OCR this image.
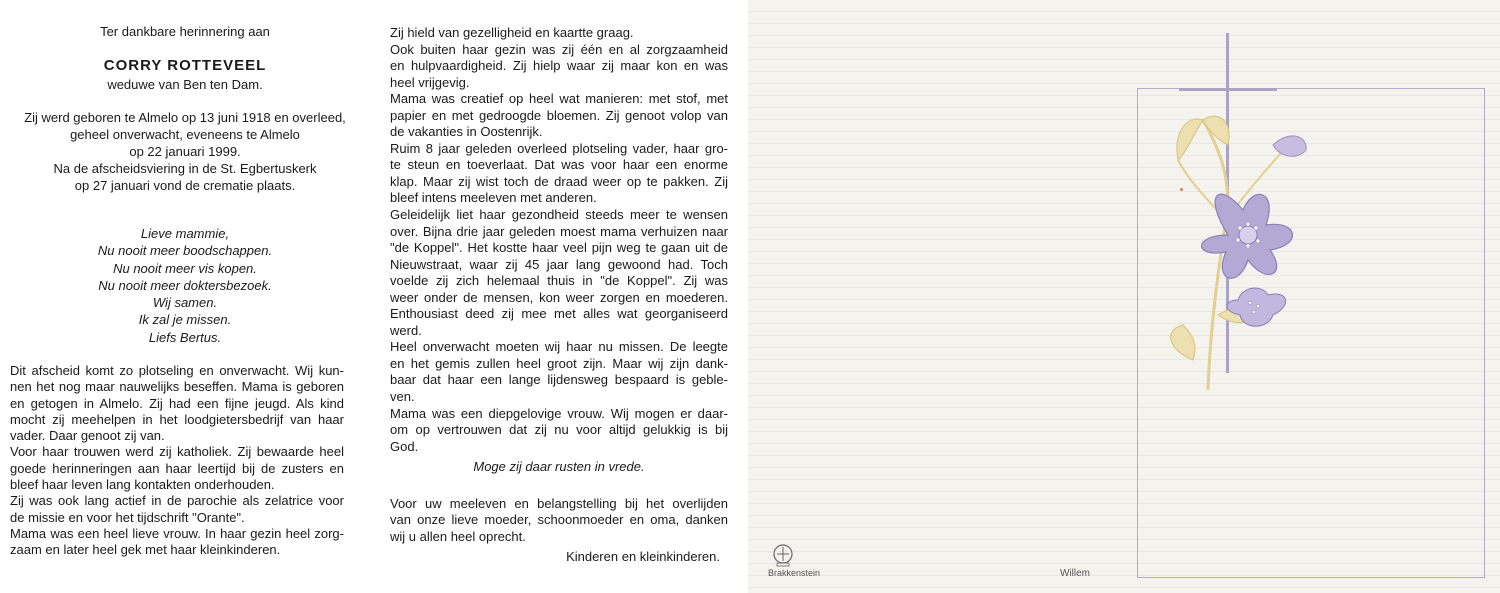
Ter dankbare herinnering aan
CORRY ROTTEVEEL
weduwe van Ben ten Dam.
Zij werd geboren te Almelo op 13 juni 1918 en overleed,
geheel onverwacht, eveneens te Almelo
op 22 januari 1999.
Na de afscheidsviering in de St. Egbertuskerk
op 27 januari vond de crematie plaats.
Lieve mammie,
Nu nooit meer boodschappen.
Nu nooit meer vis kopen.
Nu nooit meer doktersbezoek.
Wij samen.
Ik zal je missen.
Liefs Bertus.
Dit afscheid komt zo plotseling en onverwacht. Wij kun-
nen het nog maar nauwelijks beseffen. Mama is geboren
en getogen in Almelo. Zij had een fijne jeugd. Als kind
mocht zij meehelpen in het loodgietersbedrijf van haar
vader. Daar genoot zij van.
Voor haar trouwen werd zij katholiek. Zij bewaarde heel
goede herinneringen aan haar leertijd bij de zusters en
bleef haar leven lang kontakten onderhouden.
Zij was ook lang actief in de parochie als zelatrice voor
de missie en voor het tijdschrift "Orante".
Mama was een heel lieve vrouw. In haar gezin heel zorg-
zaam en later heel gek met haar kleinkinderen.
Zij hield van gezelligheid en kaartte graag.
Ook buiten haar gezin was zij één en al zorgzaamheid
en hulpvaardigheid. Zij hielp waar zij maar kon en was
heel vrijgevig.
Mama was creatief op heel wat manieren: met stof, met
papier en met gedroogde bloemen. Zij genoot volop van
de vakanties in Oostenrijk.
Ruim 8 jaar geleden overleed plotseling vader, haar gro-
te steun en toeverlaat. Dat was voor haar een enorme
klap. Maar zij wist toch de draad weer op te pakken. Zij
bleef intens meeleven met anderen.
Geleidelijk liet haar gezondheid steeds meer te wensen
over. Bijna drie jaar geleden moest mama verhuizen naar
"de Koppel". Het kostte haar veel pijn weg te gaan uit de
Nieuwstraat, waar zij 45 jaar lang gewoond had. Toch
voelde zij zich helemaal thuis in "de Koppel". Zij was
weer onder de mensen, kon weer zorgen en moederen.
Enthousiast deed zij mee met alles wat georganiseerd
werd.
Heel onverwacht moeten wij haar nu missen. De leegte
en het gemis zullen heel groot zijn. Maar wij zijn dank-
baar dat haar een lange lijdensweg bespaard is geble-
ven.
Mama was een diepgelovige vrouw. Wij mogen er daar-
om op vertrouwen dat zij nu voor altijd gelukkig is bij
God.
Moge zij daar rusten in vrede.
Voor uw meeleven en belangstelling bij het overlijden
van onze lieve moeder, schoonmoeder en oma, danken
wij u allen heel oprecht.
Kinderen en kleinkinderen.
Brakkenstein	Willem
